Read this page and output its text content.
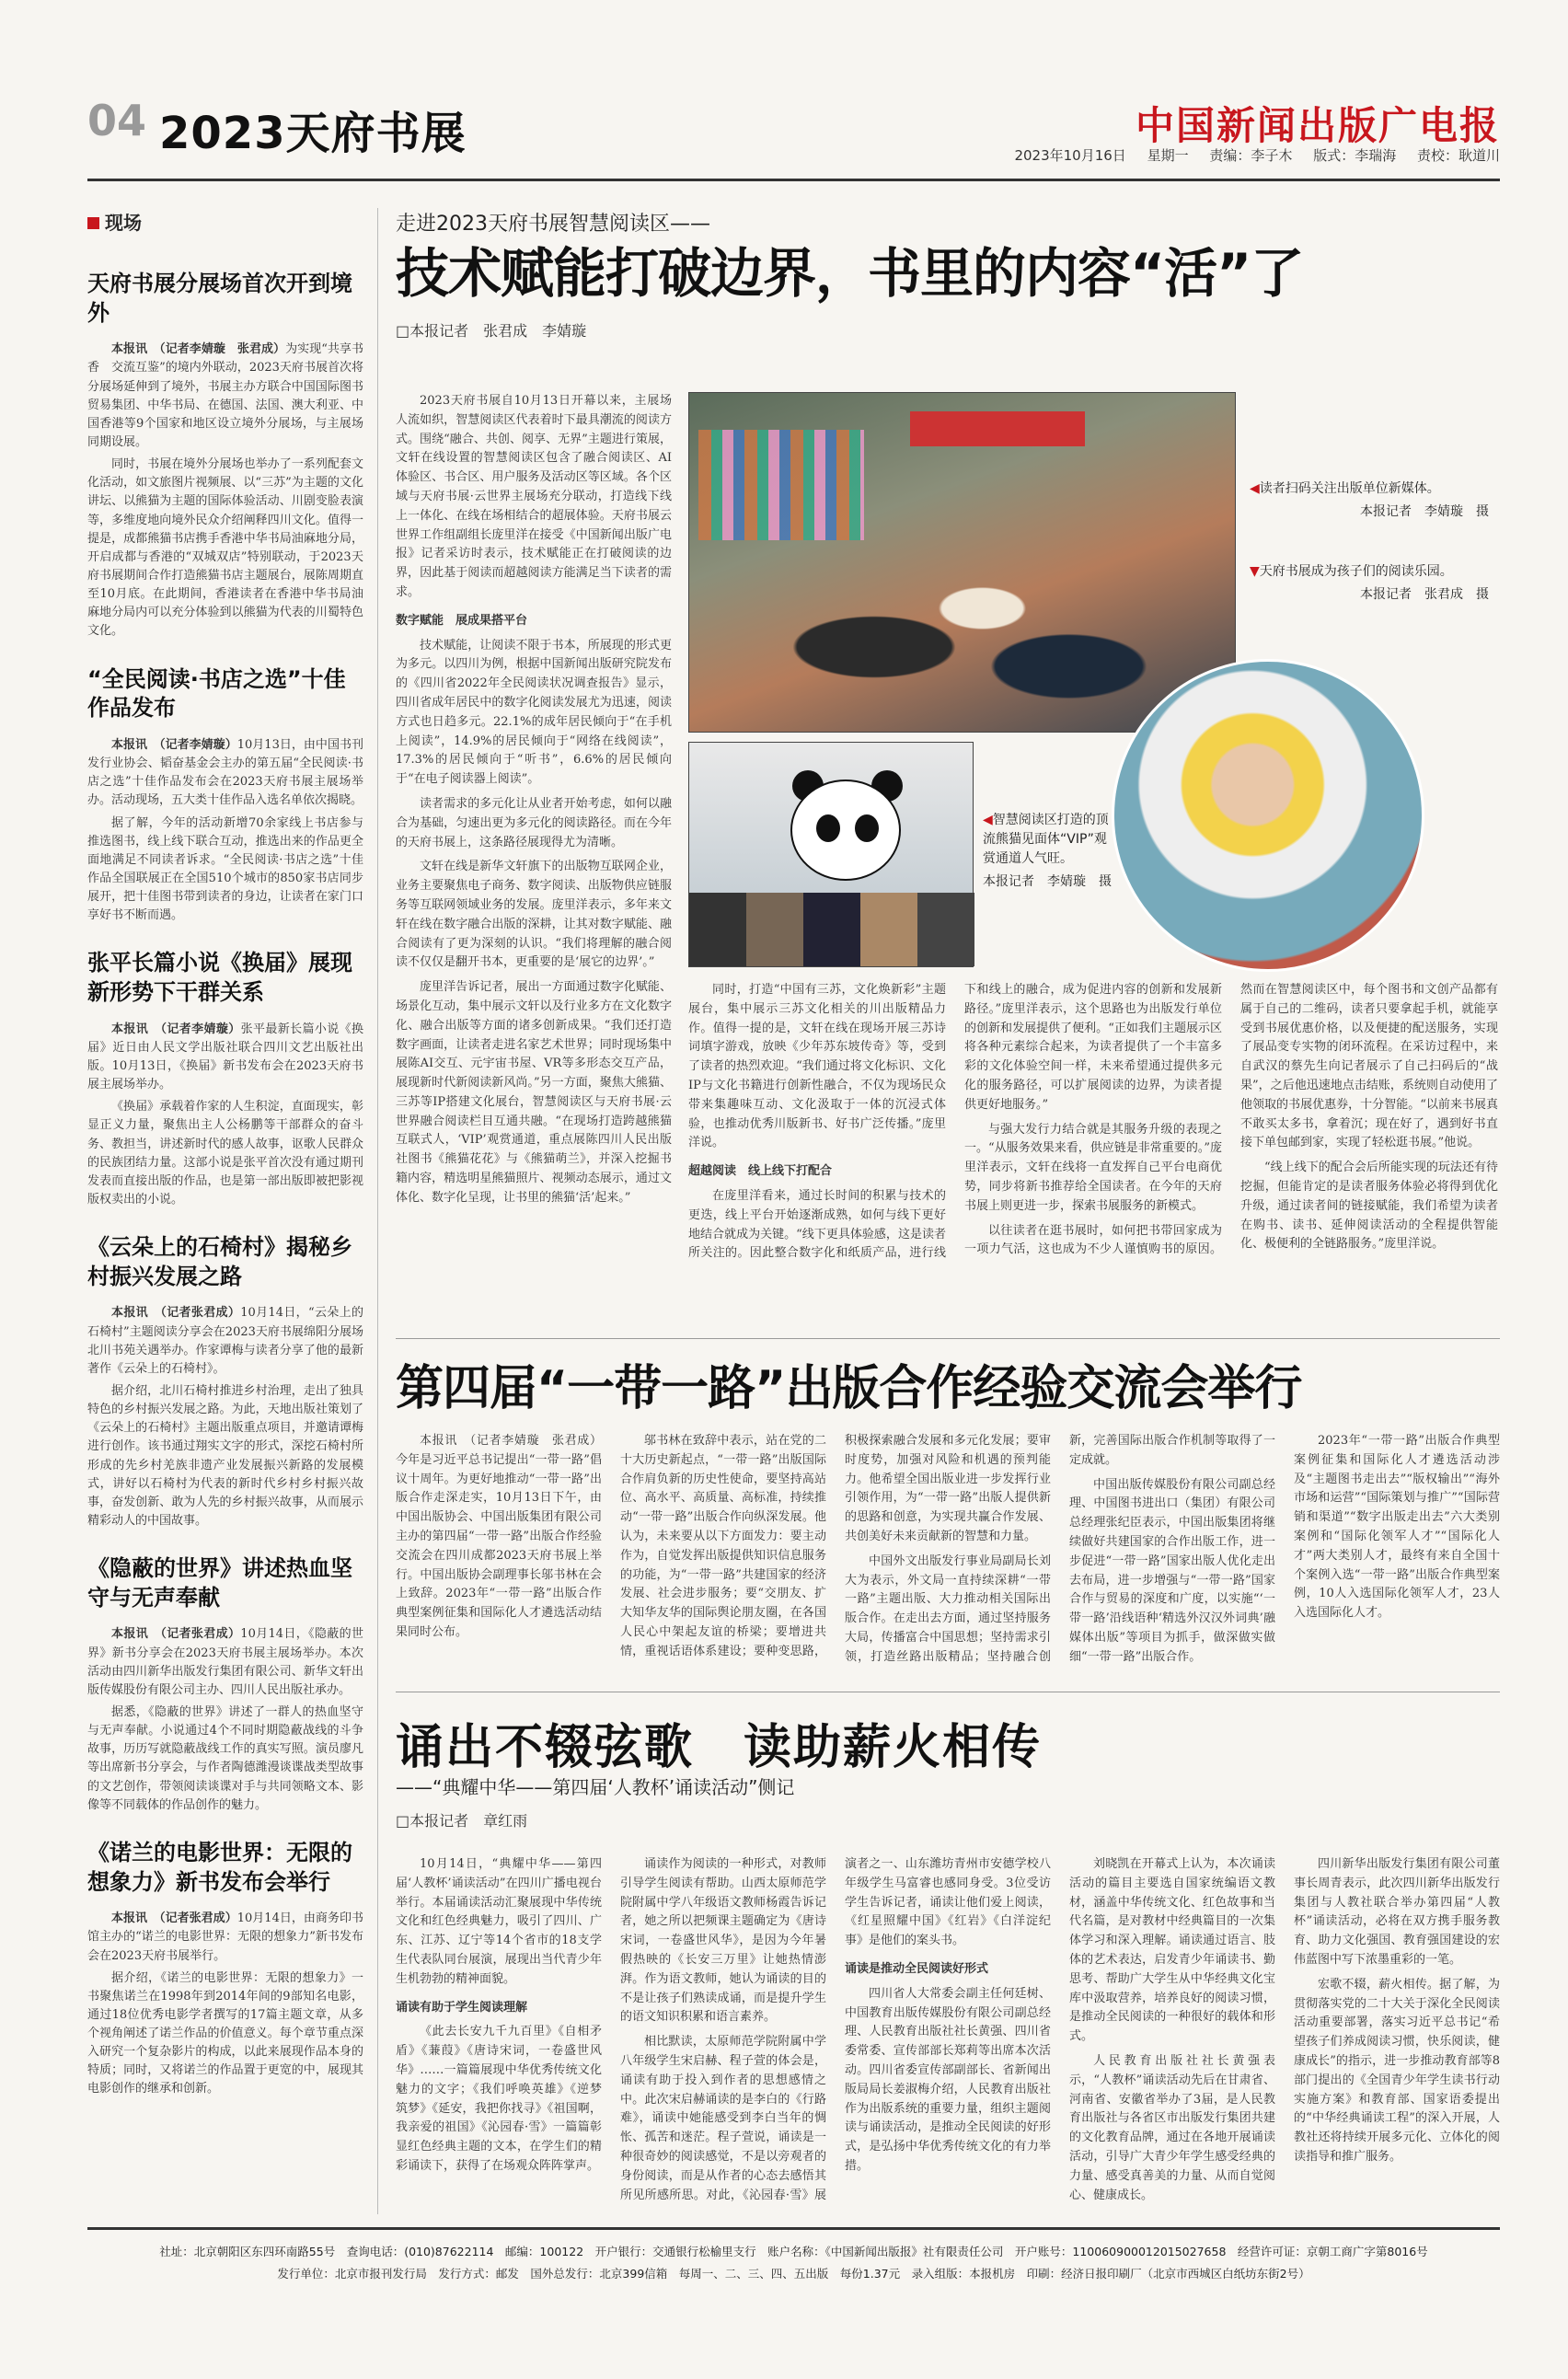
04 2023天府书展	中国新闻出版广电报
2023年10月16日 星期一 责编：李子木 版式：李瑞海 责校：耿道川
现场
天府书展分展场首次开到境外

本报讯　（记者李婧璇　张君成）为实现“共享书香　交流互鉴”的境内外联动，2023天府书展首次将分展场延伸到了境外，书展主办方联合中国国际图书贸易集团、中华书局、在德国、法国、澳大利亚、中国香港等9个国家和地区设立境外分展场，与主展场同期设展。

同时，书展在境外分展场也举办了一系列配套文化活动，如文旅图片视频展、以“三苏”为主题的文化讲坛、以熊猫为主题的国际体验活动、川剧变脸表演等，多维度地向境外民众介绍阐释四川文化。值得一提是，成都熊猫书店携手香港中华书局油麻地分局，开启成都与香港的“双城双店”特别联动，于2023天府书展期间合作打造熊猫书店主题展台，展陈周期直至10月底。在此期间，香港读者在香港中华书局油麻地分局内可以充分体验到以熊猫为代表的川蜀特色文化。

“全民阅读·书店之选”十佳作品发布

本报讯　（记者李婧璇）10月13日，由中国书刊发行业协会、韬奋基金会主办的第五届“全民阅读·书店之选”十佳作品发布会在2023天府书展主展场举办。活动现场，五大类十佳作品入选名单依次揭晓。

据了解，今年的活动新增70余家线上书店参与推选图书，线上线下联合互动，推选出来的作品更全面地满足不同读者诉求。“全民阅读·书店之选”十佳作品全国联展正在全国510个城市的850家书店同步展开，把十佳图书带到读者的身边，让读者在家门口享好书不断而遇。

张平长篇小说《换届》展现新形势下干群关系

本报讯　（记者李婧璇）张平最新长篇小说《换届》近日由人民文学出版社联合四川文艺出版社出版。10月13日，《换届》新书发布会在2023天府书展主展场举办。

《换届》承载着作家的人生积淀，直面现实，彰显正义力量，聚焦出主人公杨鹏等干部群众的奋斗务、教担当，讲述新时代的感人故事，讴歌人民群众的民族团结力量。这部小说是张平首次没有通过期刊发表而直接出版的作品，也是第一部出版即被把影视版权卖出的小说。

《云朵上的石椅村》揭秘乡村振兴发展之路

本报讯　（记者张君成）10月14日，“云朵上的石椅村”主题阅读分享会在2023天府书展绵阳分展场北川书苑关遇举办。作家谭梅与读者分享了他的最新著作《云朵上的石椅村》。

据介绍，北川石椅村推进乡村治理，走出了独具特色的乡村振兴发展之路。为此，天地出版社策划了《云朵上的石椅村》主题出版重点项目，并邀请谭梅进行创作。该书通过翔实文字的形式，深挖石椅村所形成的先乡村羌族非遗产业发展振兴新路的发展模式，讲好以石椅村为代表的新时代乡村乡村振兴故事，奋发创新、敢为人先的乡村振兴故事，从而展示精彩动人的中国故事。

《隐蔽的世界》讲述热血坚守与无声奉献

本报讯　（记者张君成）10月14日，《隐蔽的世界》新书分享会在2023天府书展主展场举办。本次活动由四川新华出版发行集团有限公司、新华文轩出版传媒股份有限公司主办、四川人民出版社承办。

据悉，《隐蔽的世界》讲述了一群人的热血坚守与无声奉献。小说通过4个不同时期隐蔽战线的斗争故事，历历写就隐蔽战线工作的真实写照。演员廖凡等出席新书分享会，与作者陶德潍漫谈谍战类型故事的文艺创作，带领阅读谈谍对手与共同领略文本、影像等不同载体的作品创作的魅力。

《诺兰的电影世界：无限的想象力》新书发布会举行

本报讯　（记者张君成）10月14日，由商务印书馆主办的“诺兰的电影世界：无限的想象力”新书发布会在2023天府书展举行。

据介绍，《诺兰的电影世界：无限的想象力》一书聚焦诺兰在1998年到2014年间的9部知名电影，通过18位优秀电影学者撰写的17篇主题文章，从多个视角阐述了诺兰作品的价值意义。每个章节重点深入研究一个复杂影片的构成，以此来展现作品本身的特质；同时，又将诺兰的作品置于更宽的中，展现其电影创作的继承和创新。

走进2023天府书展智慧阅读区——
技术赋能打破边界，书里的内容“活”了
□本报记者　张君成　李婧璇

2023天府书展自10月13日开幕以来，主展场人流如织，智慧阅读区代表着时下最具潮流的阅读方式。围绕“融合、共创、阅享、无界”主题进行策展，文轩在线设置的智慧阅读区包含了融合阅读区、AI体验区、书合区、用户服务及活动区等区域。各个区域与天府书展·云世界主展场充分联动，打造线下线上一体化、在线在场相结合的超展体验。天府书展云世界工作组副组长庞里洋在接受《中国新闻出版广电报》记者采访时表示，技术赋能正在打破阅读的边界，因此基于阅读而超越阅读方能满足当下读者的需求。

数字赋能　展成果搭平台

技术赋能，让阅读不限于书本，所展现的形式更为多元。以四川为例，根据中国新闻出版研究院发布的《四川省2022年全民阅读状况调查报告》显示，四川省成年居民中的数字化阅读发展尤为迅速，阅读方式也日趋多元。22.1%的成年居民倾向于“在手机上阅读”，14.9%的居民倾向于“网络在线阅读”，17.3%的居民倾向于“听书”，6.6%的居民倾向于“在电子阅读器上阅读”。

读者需求的多元化让从业者开始考虑，如何以融合为基础，匀速出更为多元化的阅读路径。而在今年的天府书展上，这条路径展现得尤为清晰。

文轩在线是新华文轩旗下的出版物互联网企业，业务主要聚焦电子商务、数字阅读、出版物供应链服务等互联网领域业务的发展。庞里洋表示，多年来文轩在线在数字融合出版的深耕，让其对数字赋能、融合阅读有了更为深刻的认识。“我们将理解的融合阅读不仅仅是翻开书本，更重要的是‘展它的边界’。”

庞里洋告诉记者，展出一方面通过数字化赋能、场景化互动，集中展示文轩以及行业多方在文化数字化、融合出版等方面的诸多创新成果。“我们还打造数字画面，让读者走进名家艺术世界；同时现场集中展陈AI交互、元宇宙书屋、VR等多形态交互产品，展现新时代新阅读新风尚。”另一方面，聚焦大熊猫、三苏等IP搭建文化展台，智慧阅读区与天府书展·云世界融合阅读栏目互通共融。“在现场打造跨越熊猫互联式人，‘VIP’观赏通道，重点展陈四川人民出版社图书《熊猫花花》与《熊猫萌兰》，并深入挖掘书籍内容，精选明星熊猫照片、视频动态展示，通过文体化、数字化呈现，让书里的熊猫‘活’起来。”

◀读者扫码关注出版单位新媒体。
本报记者　李婧璇　摄
▼天府书展成为孩子们的阅读乐园。
本报记者　张君成　摄
◀智慧阅读区打造的顶流熊猫见面体“VIP”观赏通道人气旺。
本报记者　李婧璇　摄

同时，打造“中国有三苏，文化焕新彩”主题展台，集中展示三苏文化相关的川出版精品力作。值得一提的是，文轩在线在现场开展三苏诗词填字游戏，放映《少年苏东坡传奇》等，受到了读者的热烈欢迎。“我们通过将文化标识、文化IP与文化书籍进行创新性融合，不仅为现场民众带来集趣味互动、文化汲取于一体的沉浸式体验，也推动优秀川版新书、好书广泛传播。”庞里洋说。

超越阅读　线上线下打配合

在庞里洋看来，通过长时间的积累与技术的更迭，线上平台开始逐渐成熟，如何与线下更好地结合就成为关键。“线下更具体验感，这是读者所关注的。因此整合数字化和纸质产品，进行线下和线上的融合，成为促进内容的创新和发展新路径。”庞里洋表示，这个思路也为出版发行单位的创新和发展提供了便利。“正如我们主题展示区将各种元素综合起来，为读者提供了一个丰富多彩的文化体验空间一样，未来希望通过提供多元化的服务路径，可以扩展阅读的边界，为读者提供更好地服务。”

与强大发行力结合就是其服务升级的表现之一。“从服务效果来看，供应链是非常重要的。”庞里洋表示，文轩在线将一直发挥自己平台电商优势，同步将新书推荐给全国读者。在今年的天府书展上则更进一步，探索书展服务的新模式。

以往读者在逛书展时，如何把书带回家成为一项力气活，这也成为不少人谨慎购书的原因。然而在智慧阅读区中，每个图书和文创产品都有属于自己的二维码，读者只要拿起手机，就能享受到书展优惠价格，以及便捷的配送服务，实现了展品变专实物的闭环流程。在采访过程中，来自武汉的蔡先生向记者展示了自己扫码后的“战果”，之后他迅速地点击结账，系统则自动使用了他领取的书展优惠券，十分智能。“以前来书展真不敢买太多书，拿着沉；现在好了，遇到好书直接下单包邮到家，实现了轻松逛书展。”他说。

“线上线下的配合会后所能实现的玩法还有待挖掘，但能肯定的是读者服务体验必将得到优化升级，通过读者间的链接赋能，我们希望为读者在购书、读书、延伸阅读活动的全程提供智能化、极便利的全链路服务。”庞里洋说。

第四届“一带一路”出版合作经验交流会举行

本报讯　（记者李婧璇　张君成）今年是习近平总书记提出“一带一路”倡议十周年。为更好地推动“一带一路”出版合作走深走实，10月13日下午，由中国出版协会、中国出版集团有限公司主办的第四届“一带一路”出版合作经验交流会在四川成都2023天府书展上举行。中国出版协会副理事长邬书林在会上致辞。2023年“一带一路”出版合作典型案例征集和国际化人才遴选活动结果同时公布。

邬书林在致辞中表示，站在党的二十大历史新起点，“一带一路”出版国际合作肩负新的历史性使命，要坚持高站位、高水平、高质量、高标准，持续推动“一带一路”出版合作向纵深发展。他认为，未来要从以下方面发力：要主动作为，自觉发挥出版提供知识信息服务的功能，为“一带一路”共建国家的经济发展、社会进步服务；要“交朋友、扩大知华友华的国际舆论朋友圈，在各国人民心中架起友谊的桥梁；要增进共情，重视话语体系建设；要种变思路，积极探索融合发展和多元化发展；要审时度势，加强对风险和机遇的预判能力。他希望全国出版业进一步发挥行业引领作用，为“一带一路”出版人提供新的思路和创意，为实现共赢合作发展、共创美好未来贡献新的智慧和力量。

中国外文出版发行事业局副局长刘大为表示，外文局一直持续深耕“一带一路”主题出版、大力推动相关国际出版合作。在走出去方面，通过坚持服务大局，传播富合中国思想；坚持需求引领，打造丝路出版精品；坚持融合创新，完善国际出版合作机制等取得了一定成就。

中国出版传媒股份有限公司副总经理、中国图书进出口（集团）有限公司总经理张纪臣表示，中国出版集团将继续做好共建国家的合作出版工作，进一步促进“一带一路”国家出版人优化走出去布局，进一步增强与“一带一路”国家合作与贸易的深度和广度，以实施“‘一带一路’沿线语种‘精选外汉汉外词典’融媒体出版”等项目为抓手，做深做实做细“一带一路”出版合作。

2023年“一带一路”出版合作典型案例征集和国际化人才遴选活动涉及“主题图书走出去”“版权输出”“海外市场和运营”“国际策划与推广”“国际营销和渠道”“数字出版走出去”六大类别案例和“国际化领军人才”“国际化人才”两大类别人才，最终有来自全国十个案例入选“一带一路”出版合作典型案例，10人入选国际化领军人才，23人入选国际化人才。

诵出不辍弦歌　读助薪火相传
——“典耀中华——第四届‘人教杯’诵读活动”侧记
□本报记者　章红雨

10月14日，“典耀中华——第四届‘人教杯’诵读活动”在四川广播电视台举行。本届诵读活动汇聚展现中华传统文化和红色经典魅力，吸引了四川、广东、江苏、辽宁等14个省市的18支学生代表队同台展演，展现出当代青少年生机勃勃的精神面貌。

诵读有助于学生阅读理解

《此去长安九千九百里》《自相矛盾》《蒹葭》《唐诗宋词，一卷盛世风华》……一篇篇展现中华优秀传统文化魅力的文字；《我们呼唤英雄》《逆梦 筑梦》《延安，我把你找寻》《祖国啊，我亲爱的祖国》《沁园春·雪》一篇篇彰显红色经典主题的文本，在学生们的精彩诵读下，获得了在场观众阵阵掌声。

诵读作为阅读的一种形式，对教师引导学生阅读有帮助。山西太原师范学院附属中学八年级语文教师杨霞告诉记者，她之所以把频课主题确定为《唐诗宋词，一卷盛世风华》，是因为今年暑假热映的《长安三万里》让她热情澎湃。作为语文教师，她认为诵读的目的不是让孩子们熟读成诵，而是提升学生的语文知识积累和语言素养。

相比默读，太原师范学院附属中学八年级学生宋启赫、程子萱的体会是，诵读有助于投入到作者的思想感情之中。此次宋启赫诵读的是李白的《行路难》，诵读中她能感受到李白当年的惆怅、孤苦和迷茫。程子萱说，诵读是一种很奇妙的阅读感觉，不是以旁观者的身份阅读，而是从作者的心态去感悟其所见所感所思。对此，《沁园春·雪》展演者之一、山东潍坊青州市安德学校八年级学生马富睿也感同身受。3位受访学生告诉记者，诵读让他们爱上阅读，《红星照耀中国》《红岩》《白洋淀纪事》是他们的案头书。

诵读是推动全民阅读好形式

四川省人大常委会副主任何廷树、中国教育出版传媒股份有限公司副总经理、人民教育出版社社长黄强、四川省委常委、宣传部部长郑莉等出席本次活动。四川省委宣传部副部长、省新闻出版局局长姜淑梅介绍，人民教育出版社作为出版系统的重要力量，组织主题阅读与诵读活动，是推动全民阅读的好形式，是弘扬中华优秀传统文化的有力举措。

刘晓凯在开幕式上认为，本次诵读活动的篇目主要选自国家统编语文教材，涵盖中华传统文化、红色故事和当代名篇，是对教材中经典篇目的一次集体学习和深入理解。诵读通过语言、肢体的艺术表达，启发青少年诵读书、勤思考、帮助广大学生从中华经典文化宝库中汲取营养，培养良好的阅读习惯，是推动全民阅读的一种很好的载体和形式。

人民教育出版社社长黄强表示，“人教杯”诵读活动先后在甘肃省、河南省、安徽省举办了3届，是人民教育出版社与各省区市出版发行集团共建的文化教育品牌，通过在各地开展诵读活动，引导广大青少年学生感受经典的力量、感受真善美的力量、从而自觉阅心、健康成长。

四川新华出版发行集团有限公司董事长周青表示，此次四川新华出版发行集团与人教社联合举办第四届“人教杯”诵读活动，必将在双方携手服务教育、助力文化强国、教育强国建设的宏伟蓝图中写下浓墨重彩的一笔。

宏歌不辍，薪火相传。据了解，为贯彻落实党的二十大关于深化全民阅读活动重要部署，落实习近平总书记“希望孩子们养成阅读习惯，快乐阅读，健康成长”的指示，进一步推动教育部等8部门提出的《全国青少年学生读书行动实施方案》和教育部、国家语委提出的“中华经典诵读工程”的深入开展，人教社还将持续开展多元化、立体化的阅读指导和推广服务。

社址：北京朝阳区东四环南路55号　查询电话：(010)87622114　邮编：100122　开户银行：交通银行松榆里支行　账户名称：《中国新闻出版报》社有限责任公司　开户账号：110060900012015027658　经营许可证：京朝工商广字第8016号
发行单位：北京市报刊发行局　发行方式：邮发　国外总发行：北京399信箱　每周一、二、三、四、五出版　每份1.37元　录入组版：本报机房　印刷：经济日报印刷厂（北京市西城区白纸坊东街2号）
